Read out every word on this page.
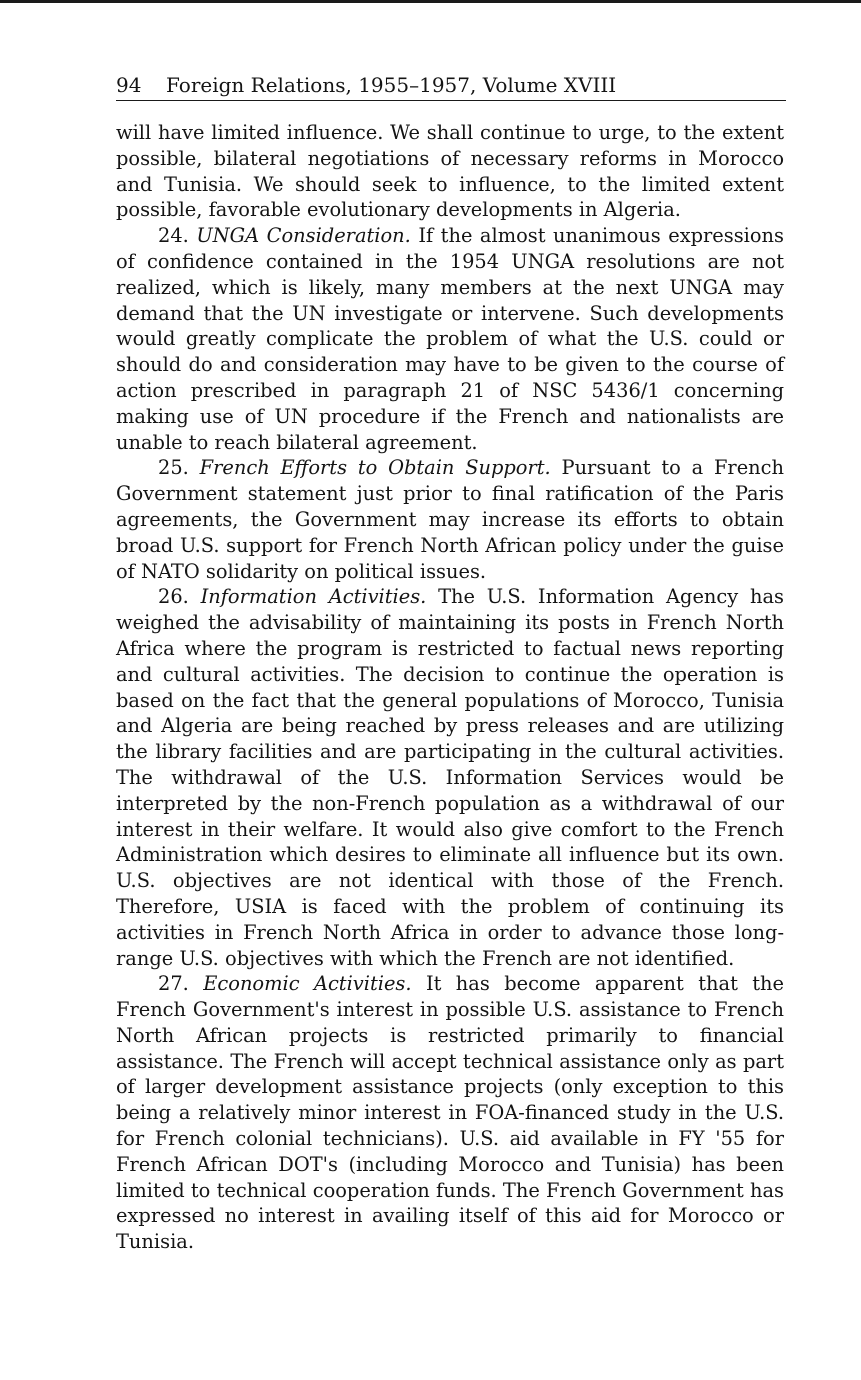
94 Foreign Relations, 1955–1957, Volume XVIII

will have limited influence. We shall continue to urge, to the extent possible, bilateral negotiations of necessary reforms in Morocco and Tunisia. We should seek to influence, to the limited extent possible, favorable evolutionary developments in Algeria.

24. UNGA Consideration. If the almost unanimous expressions of confidence contained in the 1954 UNGA resolutions are not realized, which is likely, many members at the next UNGA may demand that the UN investigate or intervene. Such developments would greatly complicate the problem of what the U.S. could or should do and consideration may have to be given to the course of action prescribed in paragraph 21 of NSC 5436/1 concerning making use of UN procedure if the French and nationalists are unable to reach bilateral agreement.

25. French Efforts to Obtain Support. Pursuant to a French Government statement just prior to final ratification of the Paris agreements, the Government may increase its efforts to obtain broad U.S. support for French North African policy under the guise of NATO solidarity on political issues.

26. Information Activities. The U.S. Information Agency has weighed the advisability of maintaining its posts in French North Africa where the program is restricted to factual news reporting and cultural activities. The decision to continue the operation is based on the fact that the general populations of Morocco, Tunisia and Algeria are being reached by press releases and are utilizing the library facilities and are participating in the cultural activities. The withdrawal of the U.S. Information Services would be interpreted by the non-French population as a withdrawal of our interest in their welfare. It would also give comfort to the French Administration which desires to eliminate all influence but its own. U.S. objectives are not identical with those of the French. Therefore, USIA is faced with the problem of continuing its activities in French North Africa in order to advance those long-range U.S. objectives with which the French are not identified.

27. Economic Activities. It has become apparent that the French Government's interest in possible U.S. assistance to French North African projects is restricted primarily to financial assistance. The French will accept technical assistance only as part of larger development assistance projects (only exception to this being a relatively minor interest in FOA-financed study in the U.S. for French colonial technicians). U.S. aid available in FY '55 for French African DOT's (including Morocco and Tunisia) has been limited to technical cooperation funds. The French Government has expressed no interest in availing itself of this aid for Morocco or Tunisia.
